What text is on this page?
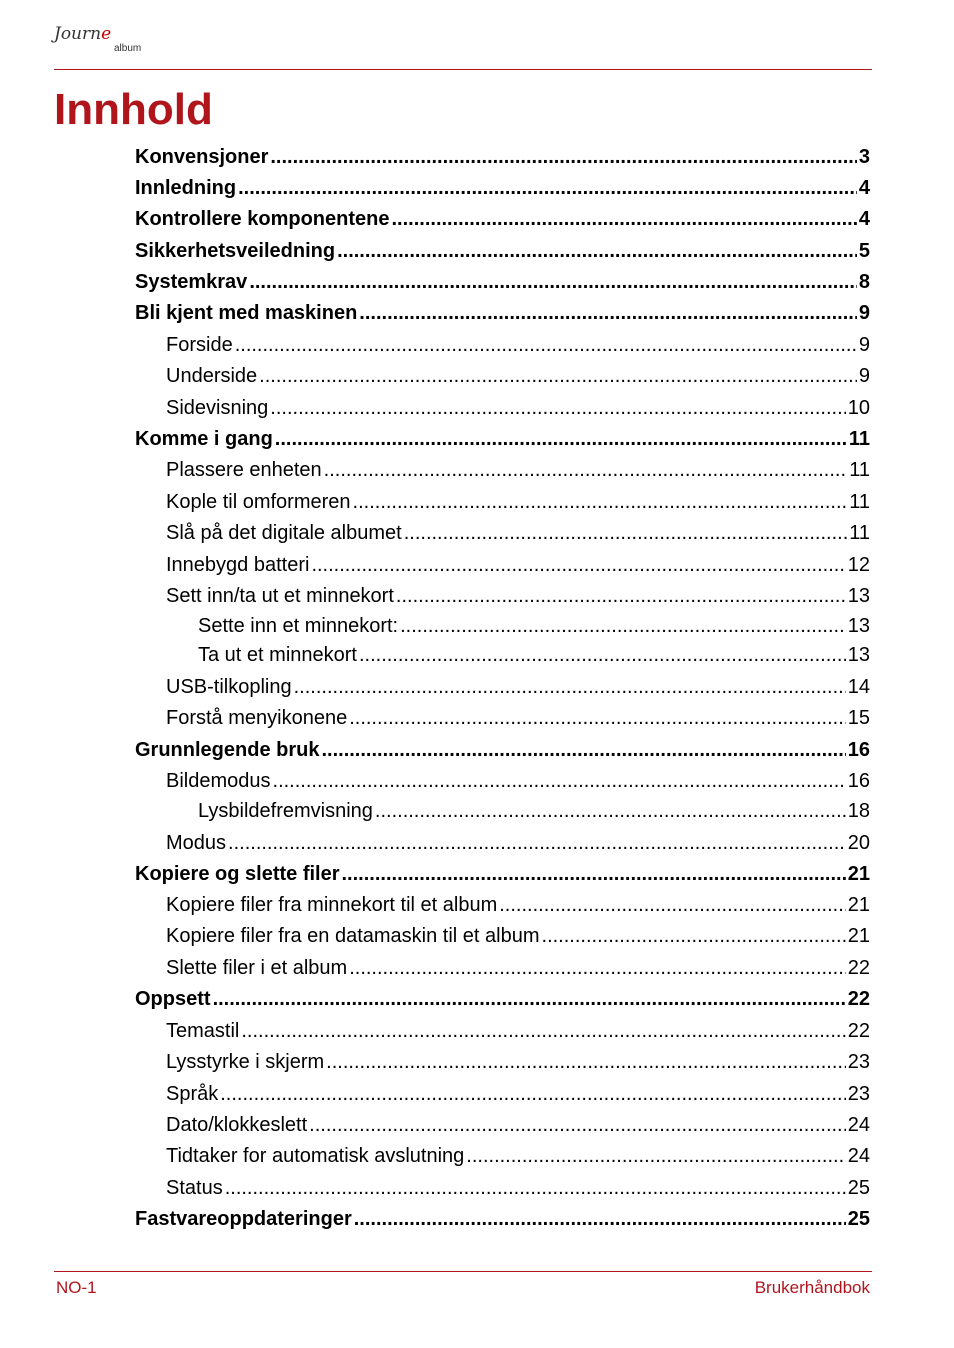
Journe
album
Innhold
Konvensjoner .....	3
Innledning .....	4
Kontrollere komponentene .....	4
Sikkerhetsveiledning .....	5
Systemkrav .....	8
Bli kjent med maskinen .....	9
Forside .....	9
Underside .....	9
Sidevisning .....	10
Komme i gang .....	11
Plassere enheten .....	11
Kople til omformeren .....	11
Slå på det digitale albumet .....	11
Innebygd batteri .....	12
Sett inn/ta ut et minnekort .....	13
Sette inn et minnekort: .....	13
Ta ut et minnekort .....	13
USB-tilkopling .....	14
Forstå menyikonene .....	15
Grunnlegende bruk .....	16
Bildemodus .....	16
Lysbildefremvisning .....	18
Modus .....	20
Kopiere og slette filer .....	21
Kopiere filer fra minnekort til et album .....	21
Kopiere filer fra en datamaskin til et album .....	21
Slette filer i et album .....	22
Oppsett .....	22
Temastil .....	22
Lysstyrke i skjerm .....	23
Språk .....	23
Dato/klokkeslett .....	24
Tidtaker for automatisk avslutning .....	24
Status .....	25
Fastvareoppdateringer .....	25
NO-1	Brukerhåndbok
